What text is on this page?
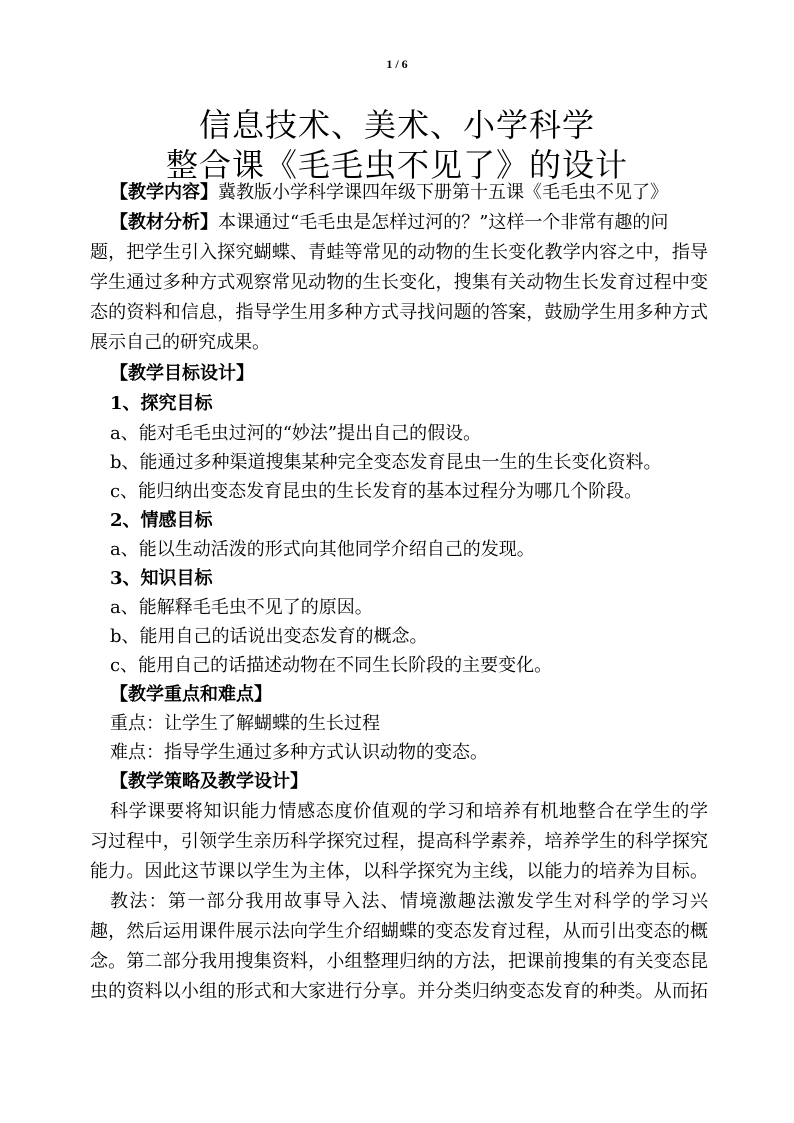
1 / 6
信息技术、美术、小学科学
整合课《毛毛虫不见了》的设计
【教学内容】冀教版小学科学课四年级下册第十五课《毛毛虫不见了》
【教材分析】本课通过“毛毛虫是怎样过河的？”这样一个非常有趣的问
题，把学生引入探究蝴蝶、青蛙等常见的动物的生长变化教学内容之中，指导
学生通过多种方式观察常见动物的生长变化，搜集有关动物生长发育过程中变
态的资料和信息，指导学生用多种方式寻找问题的答案，鼓励学生用多种方式
展示自己的研究成果。
【教学目标设计】
1、探究目标
a、能对毛毛虫过河的“妙法”提出自己的假设。
b、能通过多种渠道搜集某种完全变态发育昆虫一生的生长变化资料。
c、能归纳出变态发育昆虫的生长发育的基本过程分为哪几个阶段。
2、情感目标
a、能以生动活泼的形式向其他同学介绍自己的发现。
3、知识目标
a、能解释毛毛虫不见了的原因。
b、能用自己的话说出变态发育的概念。
c、能用自己的话描述动物在不同生长阶段的主要变化。
【教学重点和难点】
重点：让学生了解蝴蝶的生长过程
难点：指导学生通过多种方式认识动物的变态。
【教学策略及教学设计】
科学课要将知识能力情感态度价值观的学习和培养有机地整合在学生的学
习过程中，引领学生亲历科学探究过程，提高科学素养，培养学生的科学探究
能力。因此这节课以学生为主体，以科学探究为主线，以能力的培养为目标。
教法：第一部分我用故事导入法、情境激趣法激发学生对科学的学习兴
趣，然后运用课件展示法向学生介绍蝴蝶的变态发育过程，从而引出变态的概
念。第二部分我用搜集资料，小组整理归纳的方法，把课前搜集的有关变态昆
虫的资料以小组的形式和大家进行分享。并分类归纳变态发育的种类。从而拓
